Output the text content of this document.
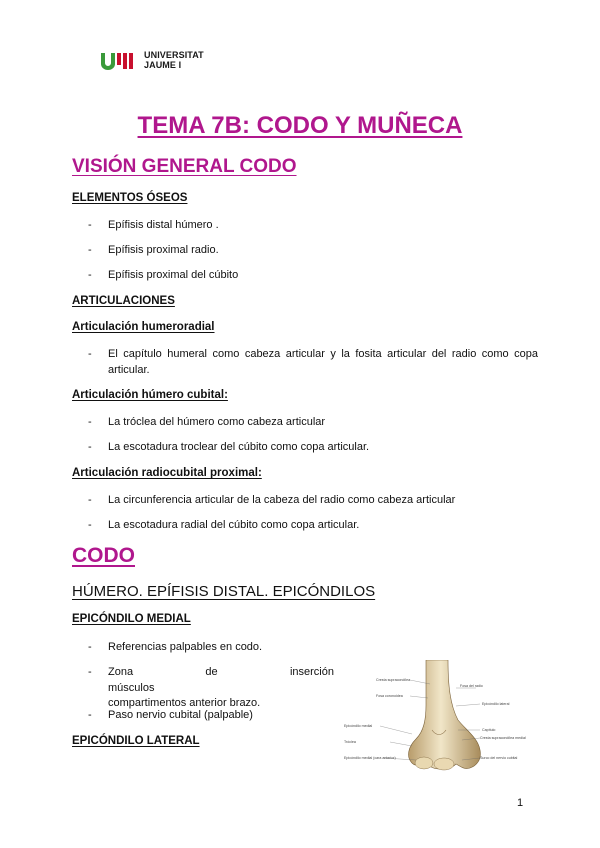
UNIVERSITAT
JAUME I
TEMA 7B: CODO Y MUÑECA
VISIÓN GENERAL CODO
ELEMENTOS ÓSEOS
- Epífisis distal húmero .
- Epífisis proximal radio.
- Epífisis proximal del cúbito
ARTICULACIONES
Articulación humeroradial
- El capítulo humeral como cabeza articular y la fosita articular del radio como copa articular.
Articulación húmero cubital:
- La tróclea del húmero como cabeza articular
- La escotadura troclear del cúbito como copa articular.
Articulación radiocubital proximal:
- La circunferencia articular de la cabeza del radio como cabeza articular
- La escotadura radial del cúbito como copa articular.
CODO
HÚMERO. EPÍFISIS DISTAL. EPICÓNDILOS
EPICÓNDILO MEDIAL
- Referencias palpables en codo.
- Zona de inserción músculos
compartimentos anterior brazo.
- Paso nervio cubital (palpable)
EPICÓNDILO LATERAL
Fosa del radio
Cresta supracondílea
Fosa coronoidea
Epicóndilo lateral
Capítulo
Epicóndilo medial
Tróclea
Cresta supracondílea medial
Surco del nervio cubital
Epicóndilo medial (cara anterior)
1
